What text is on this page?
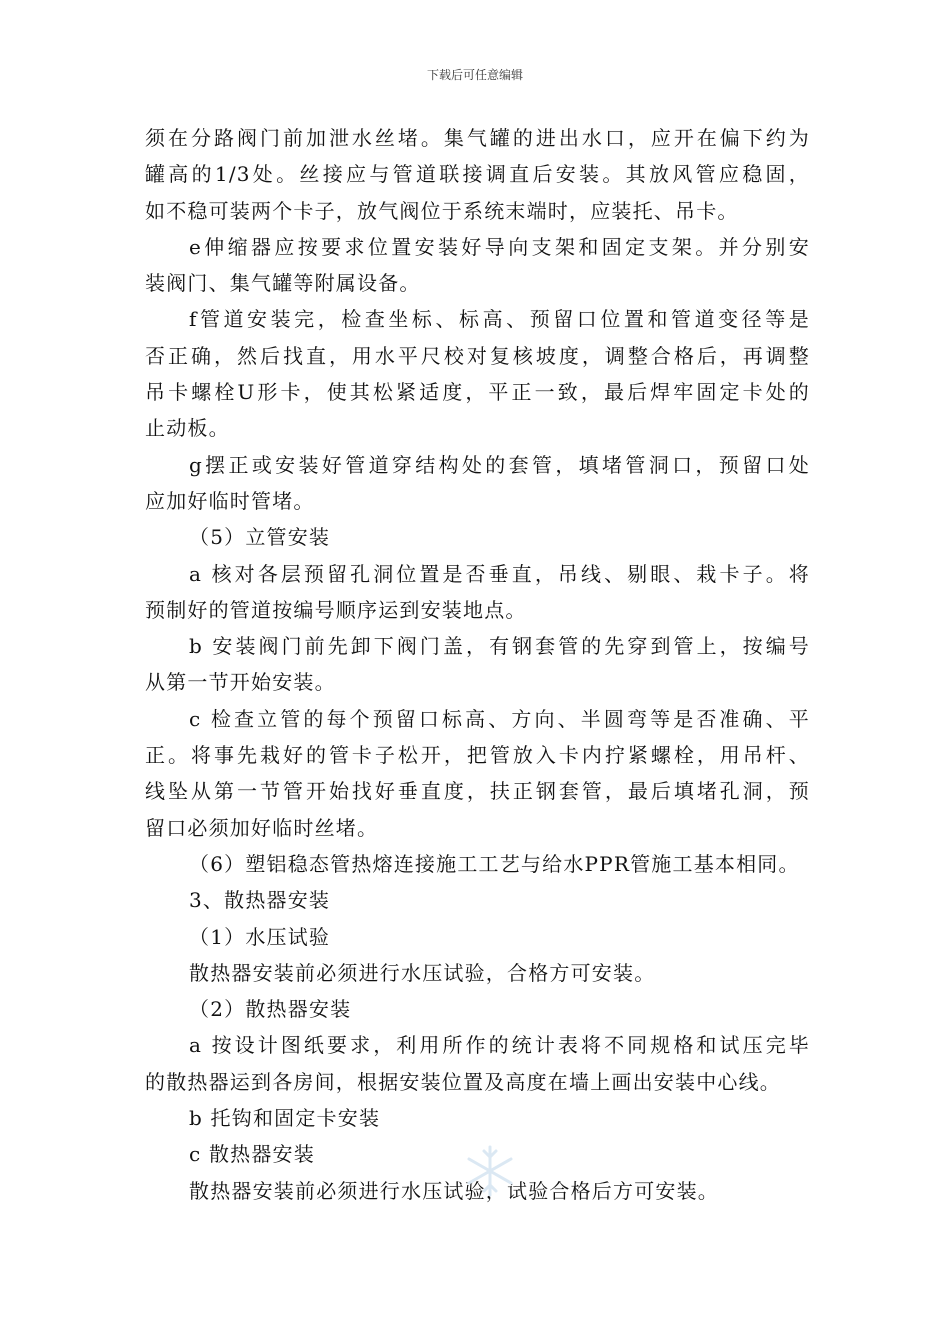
下载后可任意编辑
须在分路阀门前加泄水丝堵。集气罐的进出水口，应开在偏下约为
罐高的1/3处。丝接应与管道联接调直后安装。其放风管应稳固，
如不稳可装两个卡子，放气阀位于系统末端时，应装托、吊卡。
e伸缩器应按要求位置安装好导向支架和固定支架。并分别安
装阀门、集气罐等附属设备。
f管道安装完，检查坐标、标高、预留口位置和管道变径等是
否正确，然后找直，用水平尺校对复核坡度，调整合格后，再调整
吊卡螺栓U形卡，使其松紧适度，平正一致，最后焊牢固定卡处的
止动板。
g摆正或安装好管道穿结构处的套管，填堵管洞口，预留口处
应加好临时管堵。
（5）立管安装
a 核对各层预留孔洞位置是否垂直，吊线、剔眼、栽卡子。将
预制好的管道按编号顺序运到安装地点。
b 安装阀门前先卸下阀门盖，有钢套管的先穿到管上，按编号
从第一节开始安装。
c 检查立管的每个预留口标高、方向、半圆弯等是否准确、平
正。将事先栽好的管卡子松开，把管放入卡内拧紧螺栓，用吊杆、
线坠从第一节管开始找好垂直度，扶正钢套管，最后填堵孔洞，预
留口必须加好临时丝堵。
（6）塑铝稳态管热熔连接施工工艺与给水PPR管施工基本相同。
3、散热器安装
（1）水压试验
散热器安装前必须进行水压试验，合格方可安装。
（2）散热器安装
a 按设计图纸要求，利用所作的统计表将不同规格和试压完毕
的散热器运到各房间，根据安装位置及高度在墙上画出安装中心线。
b 托钩和固定卡安装
c 散热器安装
散热器安装前必须进行水压试验，试验合格后方可安装。
